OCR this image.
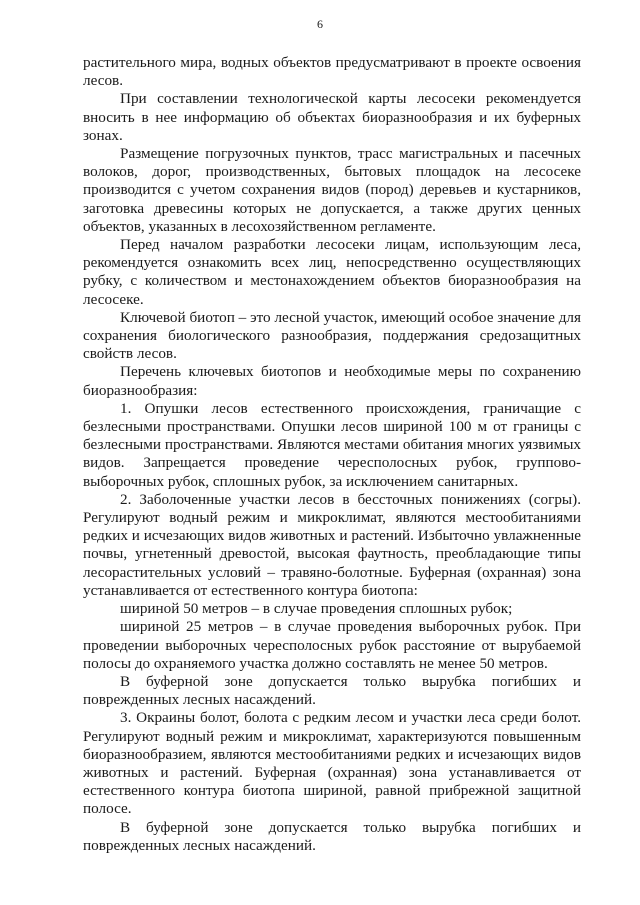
6

растительного мира, водных объектов предусматривают в проекте освоения лесов.

При составлении технологической карты лесосеки рекомендуется вносить в нее информацию об объектах биоразнообразия и их буферных зонах.

Размещение погрузочных пунктов, трасс магистральных и пасечных волоков, дорог, производственных, бытовых площадок на лесосеке производится с учетом сохранения видов (пород) деревьев и кустарников, заготовка древесины которых не допускается, а также других ценных объектов, указанных в лесохозяйственном регламенте.

Перед началом разработки лесосеки лицам, использующим леса, рекомендуется ознакомить всех лиц, непосредственно осуществляющих рубку, с количеством и местонахождением объектов биоразнообразия на лесосеке.

Ключевой биотоп – это лесной участок, имеющий особое значение для сохранения биологического разнообразия, поддержания средозащитных свойств лесов.

Перечень ключевых биотопов и необходимые меры по сохранению биоразнообразия:

1. Опушки лесов естественного происхождения, граничащие с безлесными пространствами. Опушки лесов шириной 100 м от границы с безлесными пространствами. Являются местами обитания многих уязвимых видов. Запрещается проведение чересполосных рубок, группово-выборочных рубок, сплошных рубок, за исключением санитарных.

2. Заболоченные участки лесов в бессточных понижениях (согры). Регулируют водный режим и микроклимат, являются местообитаниями редких и исчезающих видов животных и растений. Избыточно увлажненные почвы, угнетенный древостой, высокая фаутность, преобладающие типы лесорастительных условий – травяно-болотные. Буферная (охранная) зона устанавливается от естественного контура биотопа:

шириной 50 метров – в случае проведения сплошных рубок;

шириной 25 метров – в случае проведения выборочных рубок. При проведении выборочных чересполосных рубок расстояние от вырубаемой полосы до охраняемого участка должно составлять не менее 50 метров.

В буферной зоне допускается только вырубка погибших и поврежденных лесных насаждений.

3. Окраины болот, болота с редким лесом и участки леса среди болот. Регулируют водный режим и микроклимат, характеризуются повышенным биоразнообразием, являются местообитаниями редких и исчезающих видов животных и растений. Буферная (охранная) зона устанавливается от естественного контура биотопа шириной, равной прибрежной защитной полосе.

В буферной зоне допускается только вырубка погибших и поврежденных лесных насаждений.
